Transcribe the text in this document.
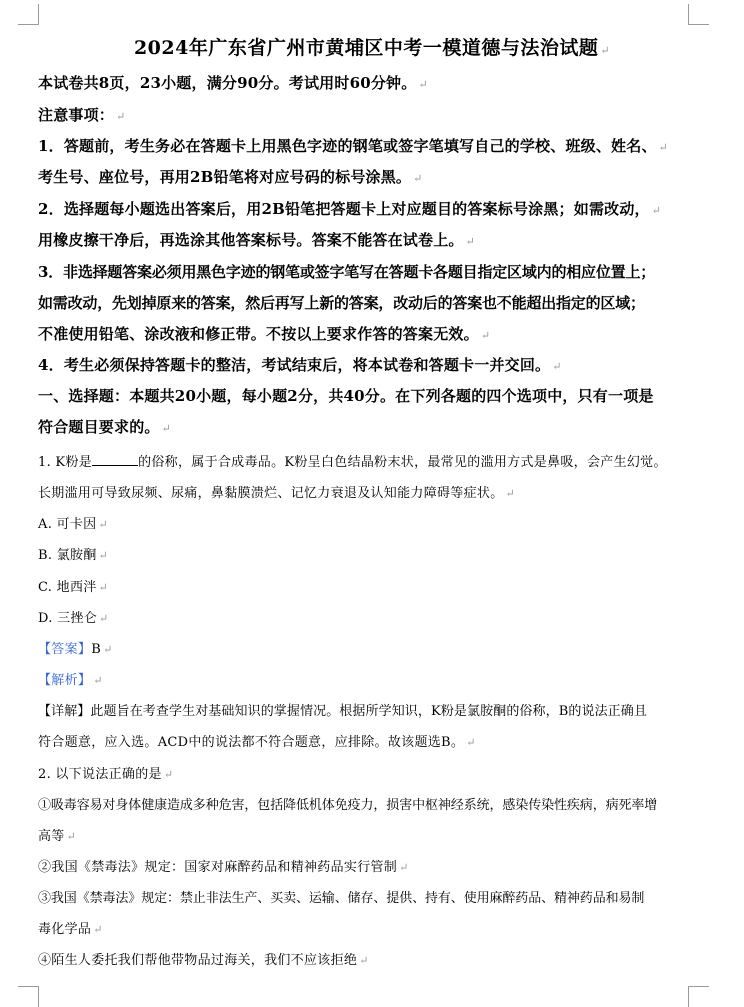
2024年广东省广州市黄埔区中考一模道德与法治试题 ↵
本试卷共8页，23小题，满分90分。考试用时60分钟。 ↵
注意事项： ↵
1．答题前，考生务必在答题卡上用黑色字迹的钢笔或签字笔填写自己的学校、班级、姓名、 ↵
考生号、座位号，再用2B铅笔将对应号码的标号涂黑。 ↵
2．选择题每小题选出答案后，用2B铅笔把答题卡上对应题目的答案标号涂黑；如需改动， ↵
用橡皮擦干净后，再选涂其他答案标号。答案不能答在试卷上。 ↵
3．非选择题答案必须用黑色字迹的钢笔或签字笔写在答题卡各题目指定区域内的相应位置上；
如需改动，先划掉原来的答案，然后再写上新的答案，改动后的答案也不能超出指定的区域；
不准使用铅笔、涂改液和修正带。不按以上要求作答的答案无效。 ↵
4．考生必须保持答题卡的整洁，考试结束后，将本试卷和答题卡一并交回。 ↵
一、选择题：本题共20小题，每小题2分，共40分。在下列各题的四个选项中，只有一项是
符合题目要求的。 ↵
1. K粉是	的俗称，属于合成毒品。K粉呈白色结晶粉末状，最常见的滥用方式是鼻吸，会产生幻觉。
长期滥用可导致尿频、尿痛，鼻黏膜溃烂、记忆力衰退及认知能力障碍等症状。 ↵
A. 可卡因 ↵
B. 氯胺酮 ↵
C. 地西泮 ↵
D. 三挫仑 ↵
【答案】B ↵
【解析】 ↵
【详解】此题旨在考查学生对基础知识的掌握情况。根据所学知识，K粉是氯胺酮的俗称，B的说法正确且
符合题意，应入选。ACD中的说法都不符合题意，应排除。故该题选B。 ↵
2. 以下说法正确的是 ↵
①吸毒容易对身体健康造成多种危害，包括降低机体免疫力，损害中枢神经系统，感染传染性疾病，病死率增
高等 ↵
②我国《禁毒法》规定：国家对麻醉药品和精神药品实行管制 ↵
③我国《禁毒法》规定：禁止非法生产、买卖、运输、储存、提供、持有、使用麻醉药品、精神药品和易制
毒化学品 ↵
④陌生人委托我们帮他带物品过海关，我们不应该拒绝 ↵
